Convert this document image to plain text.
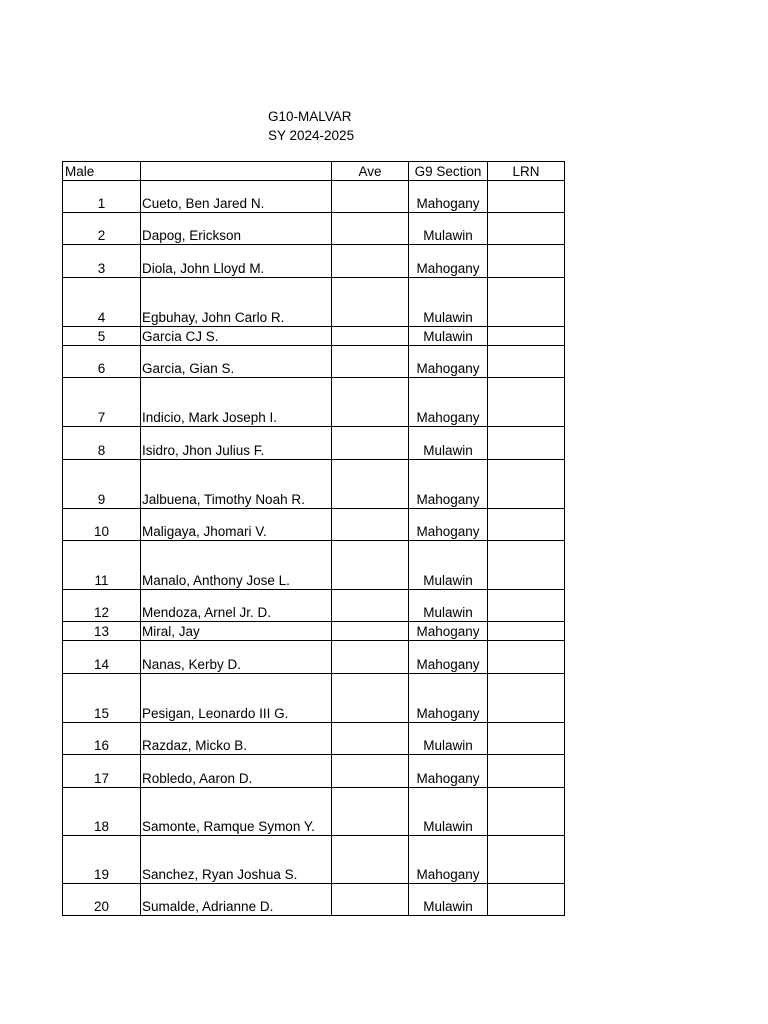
G10-MALVAR
SY 2024-2025
Male		Ave	G9 Section	LRN
1	Cueto, Ben Jared N.		Mahogany	
2	Dapog, Erickson		Mulawin	
3	Diola, John Lloyd M.		Mahogany	
4	Egbuhay, John Carlo R.		Mulawin	
5	Garcia CJ S.		Mulawin	
6	Garcia, Gian S.		Mahogany	
7	Indicio, Mark Joseph I.		Mahogany	
8	Isidro, Jhon Julius F.		Mulawin	
9	Jalbuena, Timothy Noah R.		Mahogany	
10	Maligaya, Jhomari V.		Mahogany	
11	Manalo, Anthony Jose L.		Mulawin	
12	Mendoza, Arnel Jr. D.		Mulawin	
13	Miral, Jay		Mahogany	
14	Nanas, Kerby D.		Mahogany	
15	Pesigan, Leonardo III G.		Mahogany	
16	Razdaz, Micko B.		Mulawin	
17	Robledo, Aaron D.		Mahogany	
18	Samonte, Ramque Symon Y.		Mulawin	
19	Sanchez, Ryan Joshua S.		Mahogany	
20	Sumalde, Adrianne D.		Mulawin	
